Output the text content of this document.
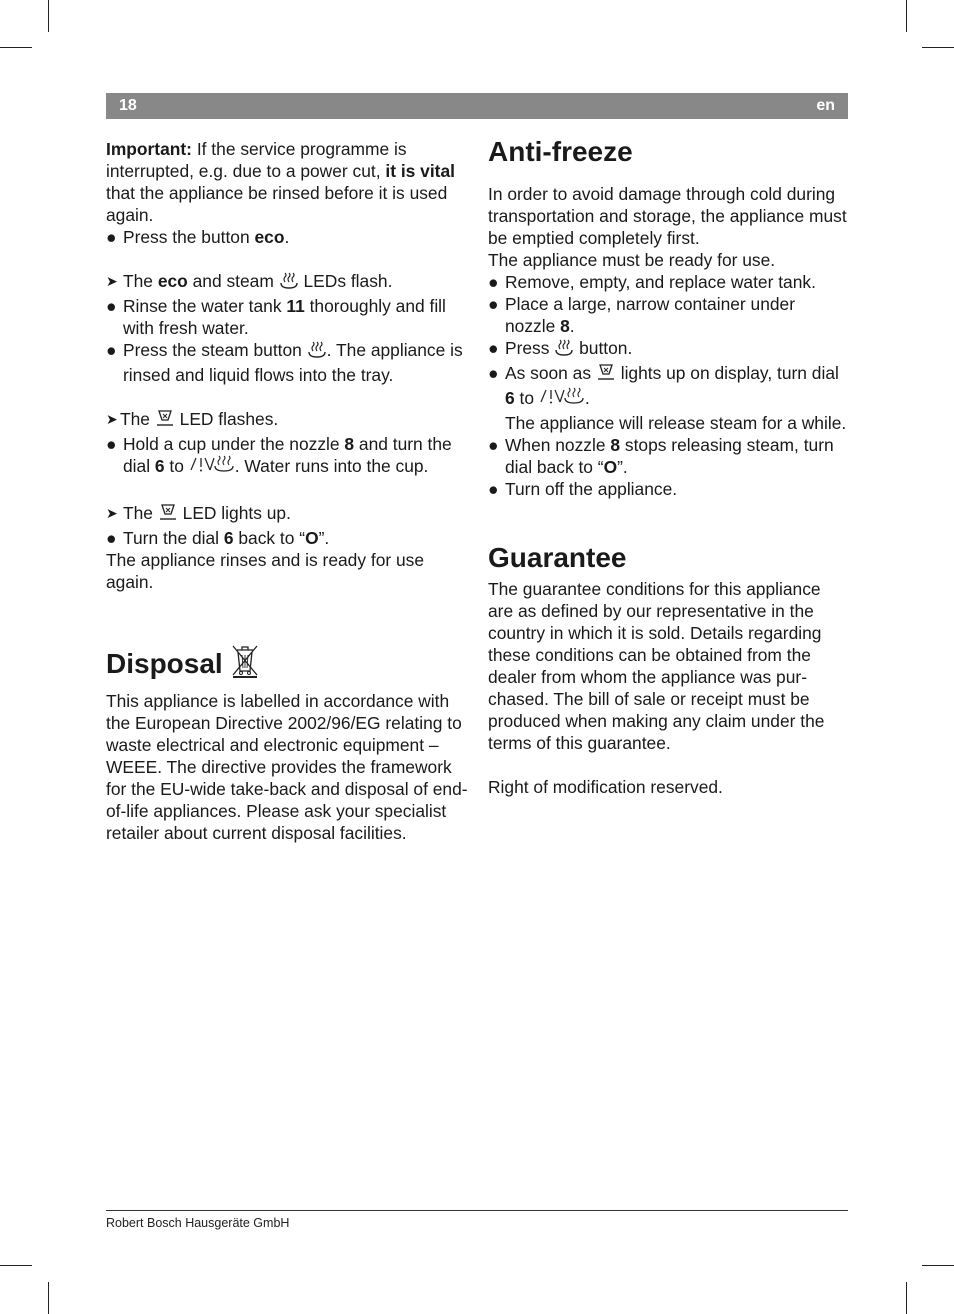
18	en

Important: If the service programme is interrupted, e.g. due to a power cut, it is vital that the appliance be rinsed before it is used again.

● Press the button eco.
➤ The eco and steam  LEDs flash.
● Rinse the water tank 11 thoroughly and fill with fresh water.
● Press the steam button . The appliance is rinsed and liquid flows into the tray.
➤ The  LED flashes.
● Hold a cup under the nozzle 8 and turn the dial 6 to	. Water runs into the cup.
➤ The  LED lights up.
● Turn the dial 6 back to “O”.

The appliance rinses and is ready for use again.

Disposal

This appliance is labelled in accordance with the European Directive 2002/96/EG relating to waste electrical and electronic equipment – WEEE. The directive provides the framework for the EU-wide take-back and disposal of end-of-life appliances. Please ask your specialist retailer about current disposal facilities.

Anti-freeze

In order to avoid damage through cold during transportation and storage, the appliance must be emptied completely first.

The appliance must be ready for use.

● Remove, empty, and replace water tank.
● Place a large, narrow container under nozzle 8.
● Press  button.
● As soon as  lights up on display, turn dial 6 to	.

The appliance will release steam for a while.

● When nozzle 8 stops releasing steam, turn dial back to “O”.
● Turn off the appliance.
Guarantee

The guarantee conditions for this appliance are as defined by our representative in the country in which it is sold. Details regarding these conditions can be obtained from the dealer from whom the appliance was pur-chased. The bill of sale or receipt must be produced when making any claim under the terms of this guarantee.

Right of modification reserved.

Robert Bosch Hausgeräte GmbH
